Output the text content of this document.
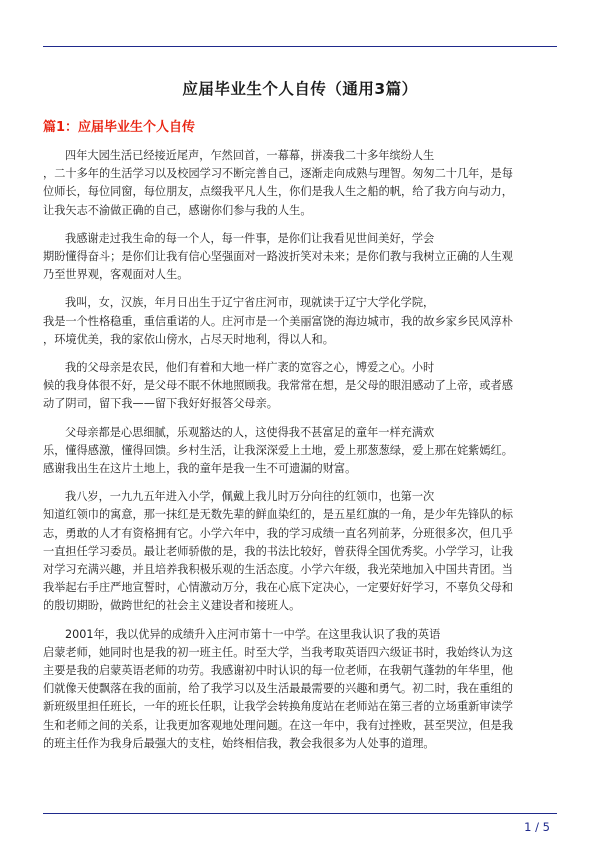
应届毕业生个人自传（通用3篇）
篇1：应届毕业生个人自传
四年大园生活已经接近尾声，乍然回首，一幕幕，拼凑我二十多年缤纷人生
，二十多年的生活学习以及校园学习不断完善自己，逐渐走向成熟与理智。匆匆二十几年，是每
位师长，每位同窗，每位朋友，点缀我平凡人生，你们是我人生之船的帆，给了我方向与动力，
让我矢志不渝做正确的自己，感谢你们参与我的人生。
我感谢走过我生命的每一个人，每一件事，是你们让我看见世间美好，学会
期盼懂得奋斗；是你们让我有信心坚强面对一路波折笑对未来；是你们教与我树立正确的人生观
乃至世界观，客观面对人生。
我叫，女，汉族，年月日出生于辽宁省庄河市，现就读于辽宁大学化学院，
我是一个性格稳重，重信重诺的人。庄河市是一个美丽富饶的海边城市，我的故乡家乡民风淳朴
，环境优美，我的家依山傍水，占尽天时地利，得以人和。
我的父母亲是农民，他们有着和大地一样广袤的宽容之心，博爱之心。小时
候的我身体很不好，是父母不眠不休地照顾我。我常常在想，是父母的眼泪感动了上帝，或者感
动了阴司，留下我——留下我好好报答父母亲。
父母亲都是心思细腻，乐观豁达的人，这使得我不甚富足的童年一样充满欢
乐，懂得感激，懂得回馈。乡村生活，让我深深爱上土地，爱上那葱葱绿，爱上那在姹紫嫣红。
感谢我出生在这片土地上，我的童年是我一生不可遗漏的财富。
我八岁，一九九五年进入小学，佩戴上我儿时万分向往的红领巾，也第一次
知道红领巾的寓意，那一抹红是无数先辈的鲜血染红的，是五星红旗的一角，是少年先锋队的标
志，勇敢的人才有资格拥有它。小学六年中，我的学习成绩一直名列前茅，分班很多次，但几乎
一直担任学习委员。最让老师骄傲的是，我的书法比较好，曾获得全国优秀奖。小学学习，让我
对学习充满兴趣，并且培养我积极乐观的生活态度。小学六年级，我光荣地加入中国共青团。当
我举起右手庄严地宣誓时，心情激动万分，我在心底下定决心，一定要好好学习，不辜负父母和
的殷切期盼，做跨世纪的社会主义建设者和接班人。
2001年，我以优异的成绩升入庄河市第十一中学。在这里我认识了我的英语
启蒙老师，她同时也是我的初一班主任。时至大学，当我考取英语四六级证书时，我始终认为这
主要是我的启蒙英语老师的功劳。我感谢初中时认识的每一位老师，在我朝气蓬勃的年华里，他
们就像天使飘落在我的面前，给了我学习以及生活最最需要的兴趣和勇气。初二时，我在重组的
新班级里担任班长，一年的班长任职，让我学会转换角度站在老师站在第三者的立场重新审读学
生和老师之间的关系，让我更加客观地处理问题。在这一年中，我有过挫败，甚至哭泣，但是我
的班主任作为我身后最强大的支柱，始终相信我，教会我很多为人处事的道理。
1 / 5
